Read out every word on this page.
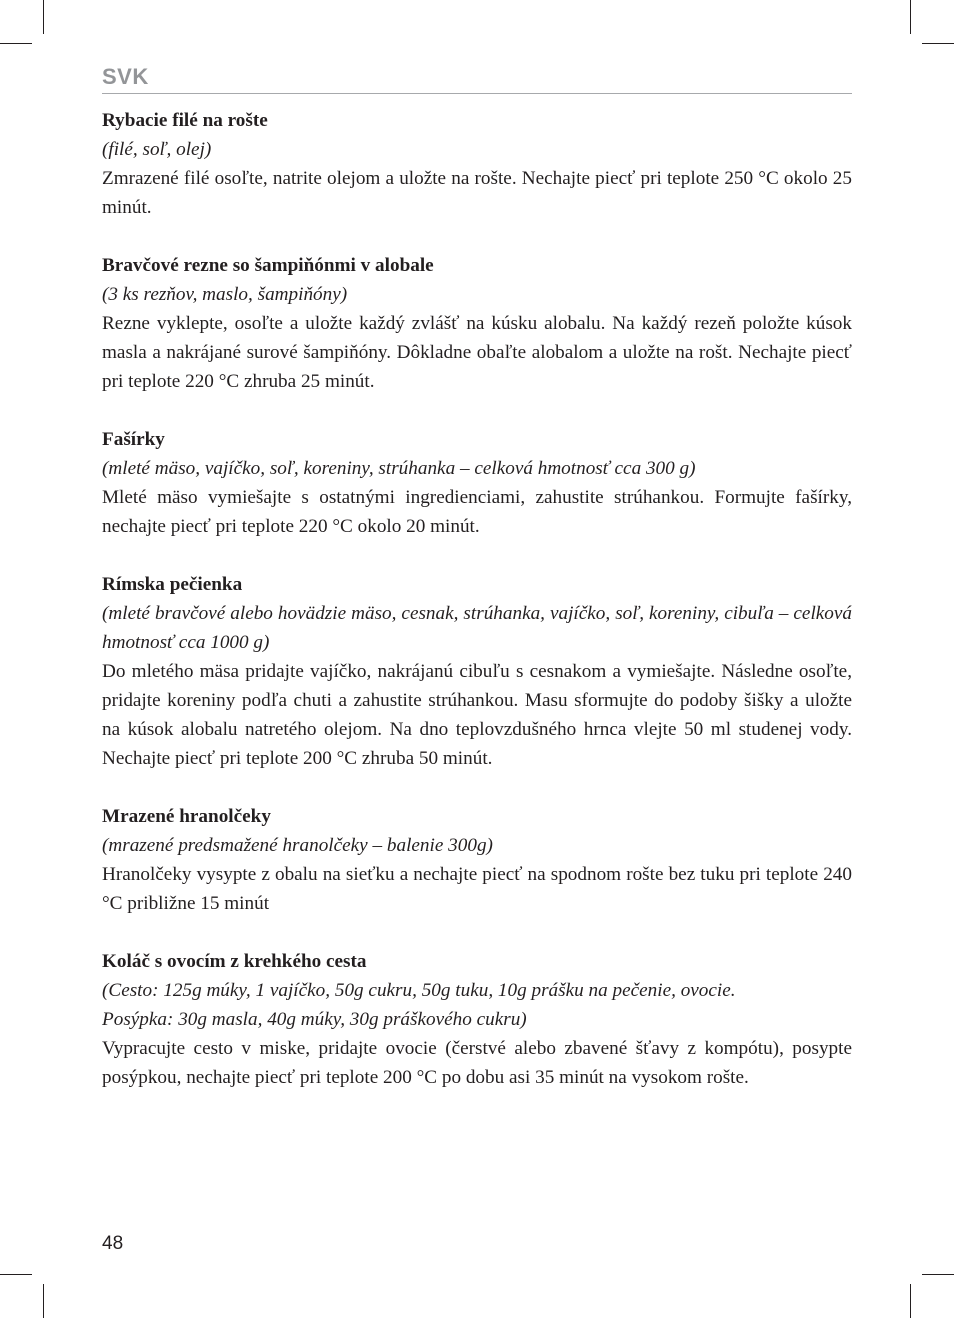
SVK

Rybacie filé na rošte

(filé, soľ, olej)

Zmrazené filé osoľte, natrite olejom a uložte na rošte. Nechajte piecť pri teplote 250 °C okolo 25 minút.

Bravčové rezne so šampiňónmi v alobale

(3 ks rezňov, maslo, šampiňóny)

Rezne vyklepte, osoľte a uložte každý zvlášť na kúsku alobalu. Na každý rezeň položte kúsok masla a nakrájané surové šampiňóny. Dôkladne obaľte alobalom a uložte na rošt. Nechajte piecť pri teplote 220 °C zhruba 25 minút.

Fašírky

(mleté mäso, vajíčko, soľ, koreniny, strúhanka – celková hmotnosť cca 300 g)

Mleté mäso vymiešajte s ostatnými ingredienciami, zahustite strúhankou. Formujte fašírky, nechajte piecť pri teplote 220 °C okolo 20 minút.

Rímska pečienka

(mleté bravčové alebo hovädzie mäso, cesnak, strúhanka, vajíčko, soľ, koreniny, cibuľa – celková hmotnosť cca 1000 g)

Do mletého mäsa pridajte vajíčko, nakrájanú cibuľu s cesnakom a vymiešajte. Následne osoľte, pridajte koreniny podľa chuti a zahustite strúhankou. Masu sformujte do podoby šišky a uložte na kúsok alobalu natretého olejom. Na dno teplovzdušného hrnca vlejte 50 ml studenej vody. Nechajte piecť pri teplote 200 °C zhruba 50 minút.

Mrazené hranolčeky

(mrazené predsmažené hranolčeky – balenie 300g)

Hranolčeky vysypte z obalu na sieťku a nechajte piecť na spodnom rošte bez tuku pri teplote 240 °C približne 15 minút

Koláč s ovocím z krehkého cesta

(Cesto: 125g múky, 1 vajíčko, 50g cukru, 50g tuku, 10g prášku na pečenie, ovocie.
Posýpka: 30g masla, 40g múky, 30g práškového cukru)

Vypracujte cesto v miske, pridajte ovocie (čerstvé alebo zbavené šťavy z kompótu), posypte posýpkou, nechajte piecť pri teplote 200 °C po dobu asi 35 minút na vysokom rošte.

48
